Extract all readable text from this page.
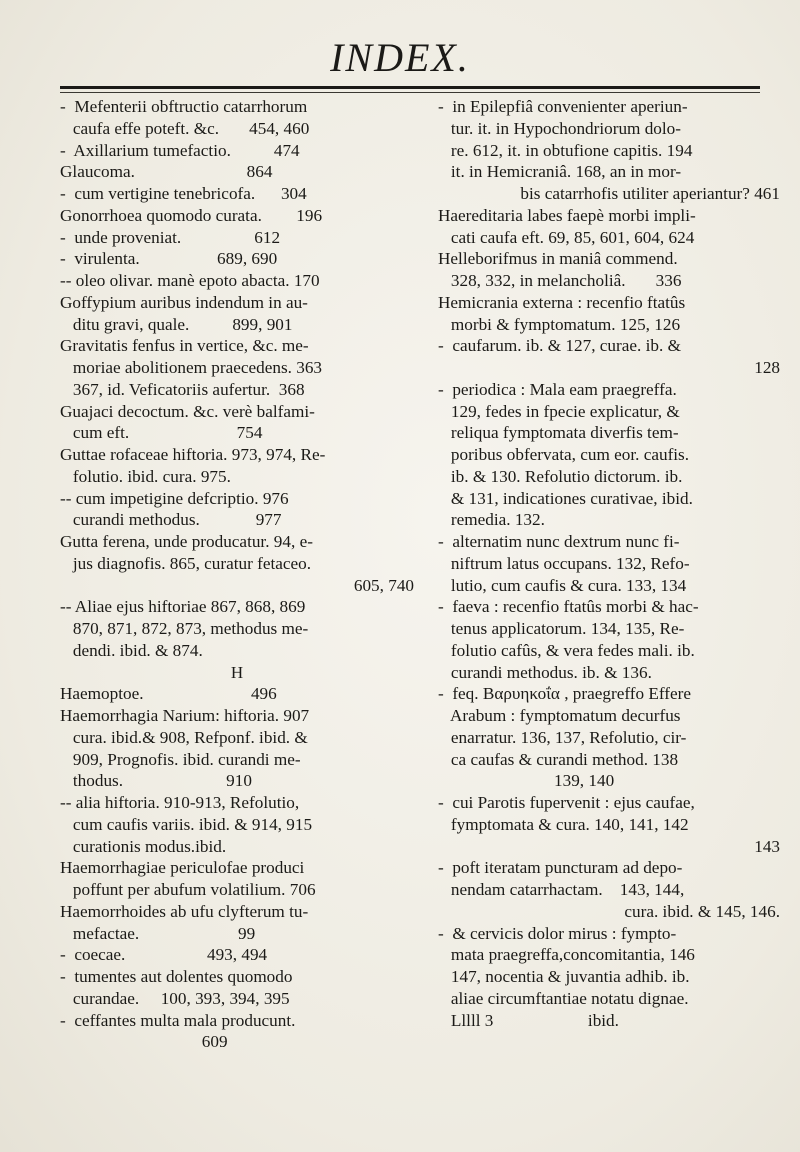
INDEX.
-  Mefenterii obftructio catarrhorum
caufa effe poteft. &c.       454, 460
-  Axillarium tumefactio.          474
Glaucoma.                          864
-  cum vertigine tenebricofa.      304
Gonorrhoea quomodo curata.        196
-  unde proveniat.                 612
-  virulenta.                  689, 690
-- oleo olivar. manè epoto abacta. 170
Goffypium auribus indendum in au-
ditu gravi, quale.          899, 901
Gravitatis fenfus in vertice, &c. me-
moriae abolitionem praecedens. 363
367, id. Veficatoriis aufertur.  368
Guajaci decoctum. &c. verè balfami-
cum eft.                         754
Guttae rofaceae hiftoria. 973, 974, Re-
folutio. ibid. cura. 975.
-- cum impetigine defcriptio. 976
curandi methodus.             977
Gutta ferena, unde producatur. 94, e-
jus diagnofis. 865, curatur fetaceo.
605, 740
-- Aliae ejus hiftoriae 867, 868, 869
870, 871, 872, 873, methodus me-
dendi. ibid. & 874.
H
Haemoptoe.                         496
Haemorrhagia Narium: hiftoria. 907
cura. ibid.& 908, Refponf. ibid. &
909, Prognofis. ibid. curandi me-
thodus.                        910
-- alia hiftoria. 910-913, Refolutio,
cum caufis variis. ibid. & 914, 915
curationis modus.ibid.
Haemorrhagiae periculofae produci
poffunt per abufum volatilium. 706
Haemorrhoides ab ufu clyfterum tu-
mefactae.                       99
-  coecae.                   493, 494
-  tumentes aut dolentes quomodo
curandae.     100, 393, 394, 395
-  ceffantes multa mala producunt.
609
-  in Epilepfiâ convenienter aperiun-
tur. it. in Hypochondriorum dolo-
re. 612, it. in obtufione capitis. 194
it. in Hemicraniâ. 168, an in mor-
bis catarrhofis utiliter aperiantur? 461
Haereditaria labes faepè morbi impli-
cati caufa eft. 69, 85, 601, 604, 624
Helleborifmus in maniâ commend.
328, 332, in melancholiâ.       336
Hemicrania externa : recenfio ftatûs
morbi & fymptomatum. 125, 126
-  caufarum. ib. & 127, curae. ib. &
128
-  periodica : Mala eam praegreffa.
129, fedes in fpecie explicatur, &
reliqua fymptomata diverfis tem-
poribus obfervata, cum eor. caufis.
ib. & 130. Refolutio dictorum. ib.
& 131, indicationes curativae, ibid.
remedia. 132.
-  alternatim nunc dextrum nunc fi-
niftrum latus occupans. 132, Refo-
lutio, cum caufis & cura. 133, 134
-  faeva : recenfio ftatûs morbi & hac-
tenus applicatorum. 134, 135, Re-
folutio cafûs, & vera fedes mali. ib.
curandi methodus. ib. & 136.
-  feq. Βαρυηκοΐα , praegreffo Effere
Arabum : fymptomatum decurfus
enarratur. 136, 137, Refolutio, cir-
ca caufas & curandi method. 138
139, 140
-  cui Parotis fupervenit : ejus caufae,
fymptomata & cura. 140, 141, 142
143
-  poft iteratam puncturam ad depo-
nendam catarrhactam.    143, 144,
cura. ibid. & 145, 146.
-  & cervicis dolor mirus : fympto-
mata praegreffa,concomitantia, 146
147, nocentia & juvantia adhib. ib.
aliae circumftantiae notatu dignae.
Lllll 3                      ibid.
